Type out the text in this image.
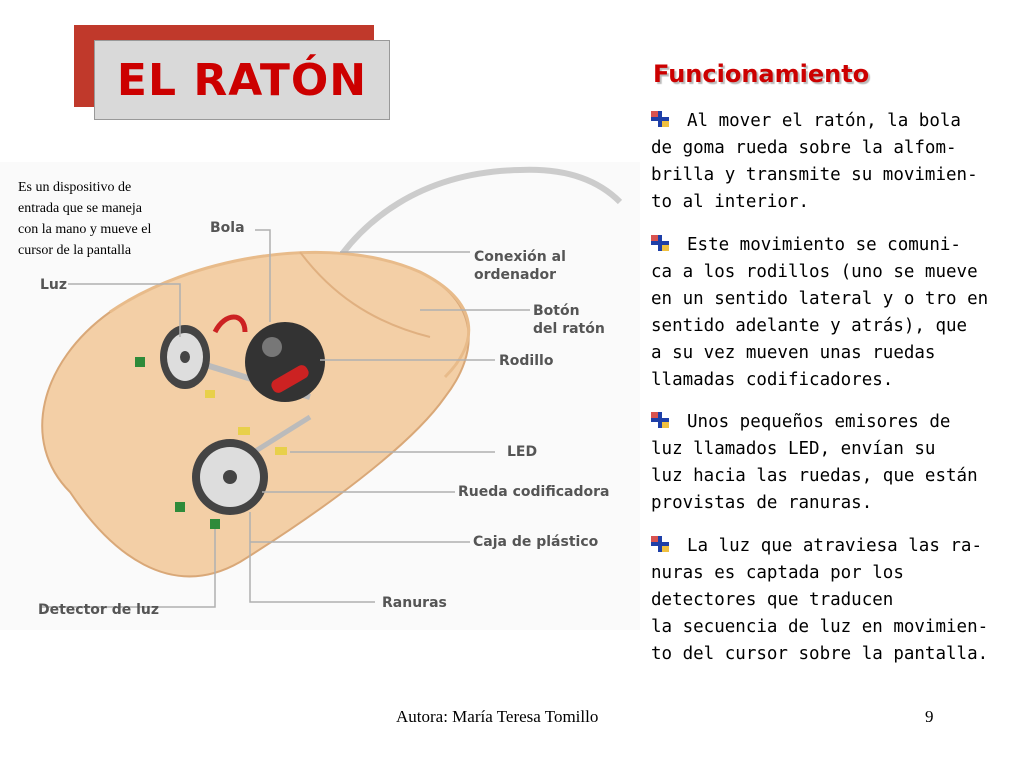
EL RATÓN
Es un dispositivo de
entrada que se maneja
con la mano y mueve el
cursor de la pantalla
Bola
Luz
Conexión al
ordenador
Botón
del ratón
Rodillo
LED
Rueda codificadora
Caja de plástico
Detector de luz	Ranuras
Funcionamiento
Al mover el ratón, la bola
de goma rueda sobre la alfom-
brilla y transmite su movimien-
to al interior.
Este movimiento se comuni-
ca a los rodillos (uno se mueve
en un sentido lateral y o tro en
sentido adelante y atrás), que
a su vez mueven unas ruedas
llamadas codificadores.
Unos pequeños emisores de
luz llamados LED, envían su
luz hacia las ruedas, que están
provistas de ranuras.
La luz que atraviesa las ra-
nuras es captada por los
detectores que traducen
la secuencia de luz en movimien-
to del cursor sobre la pantalla.
Autora: María Teresa Tomillo	9
